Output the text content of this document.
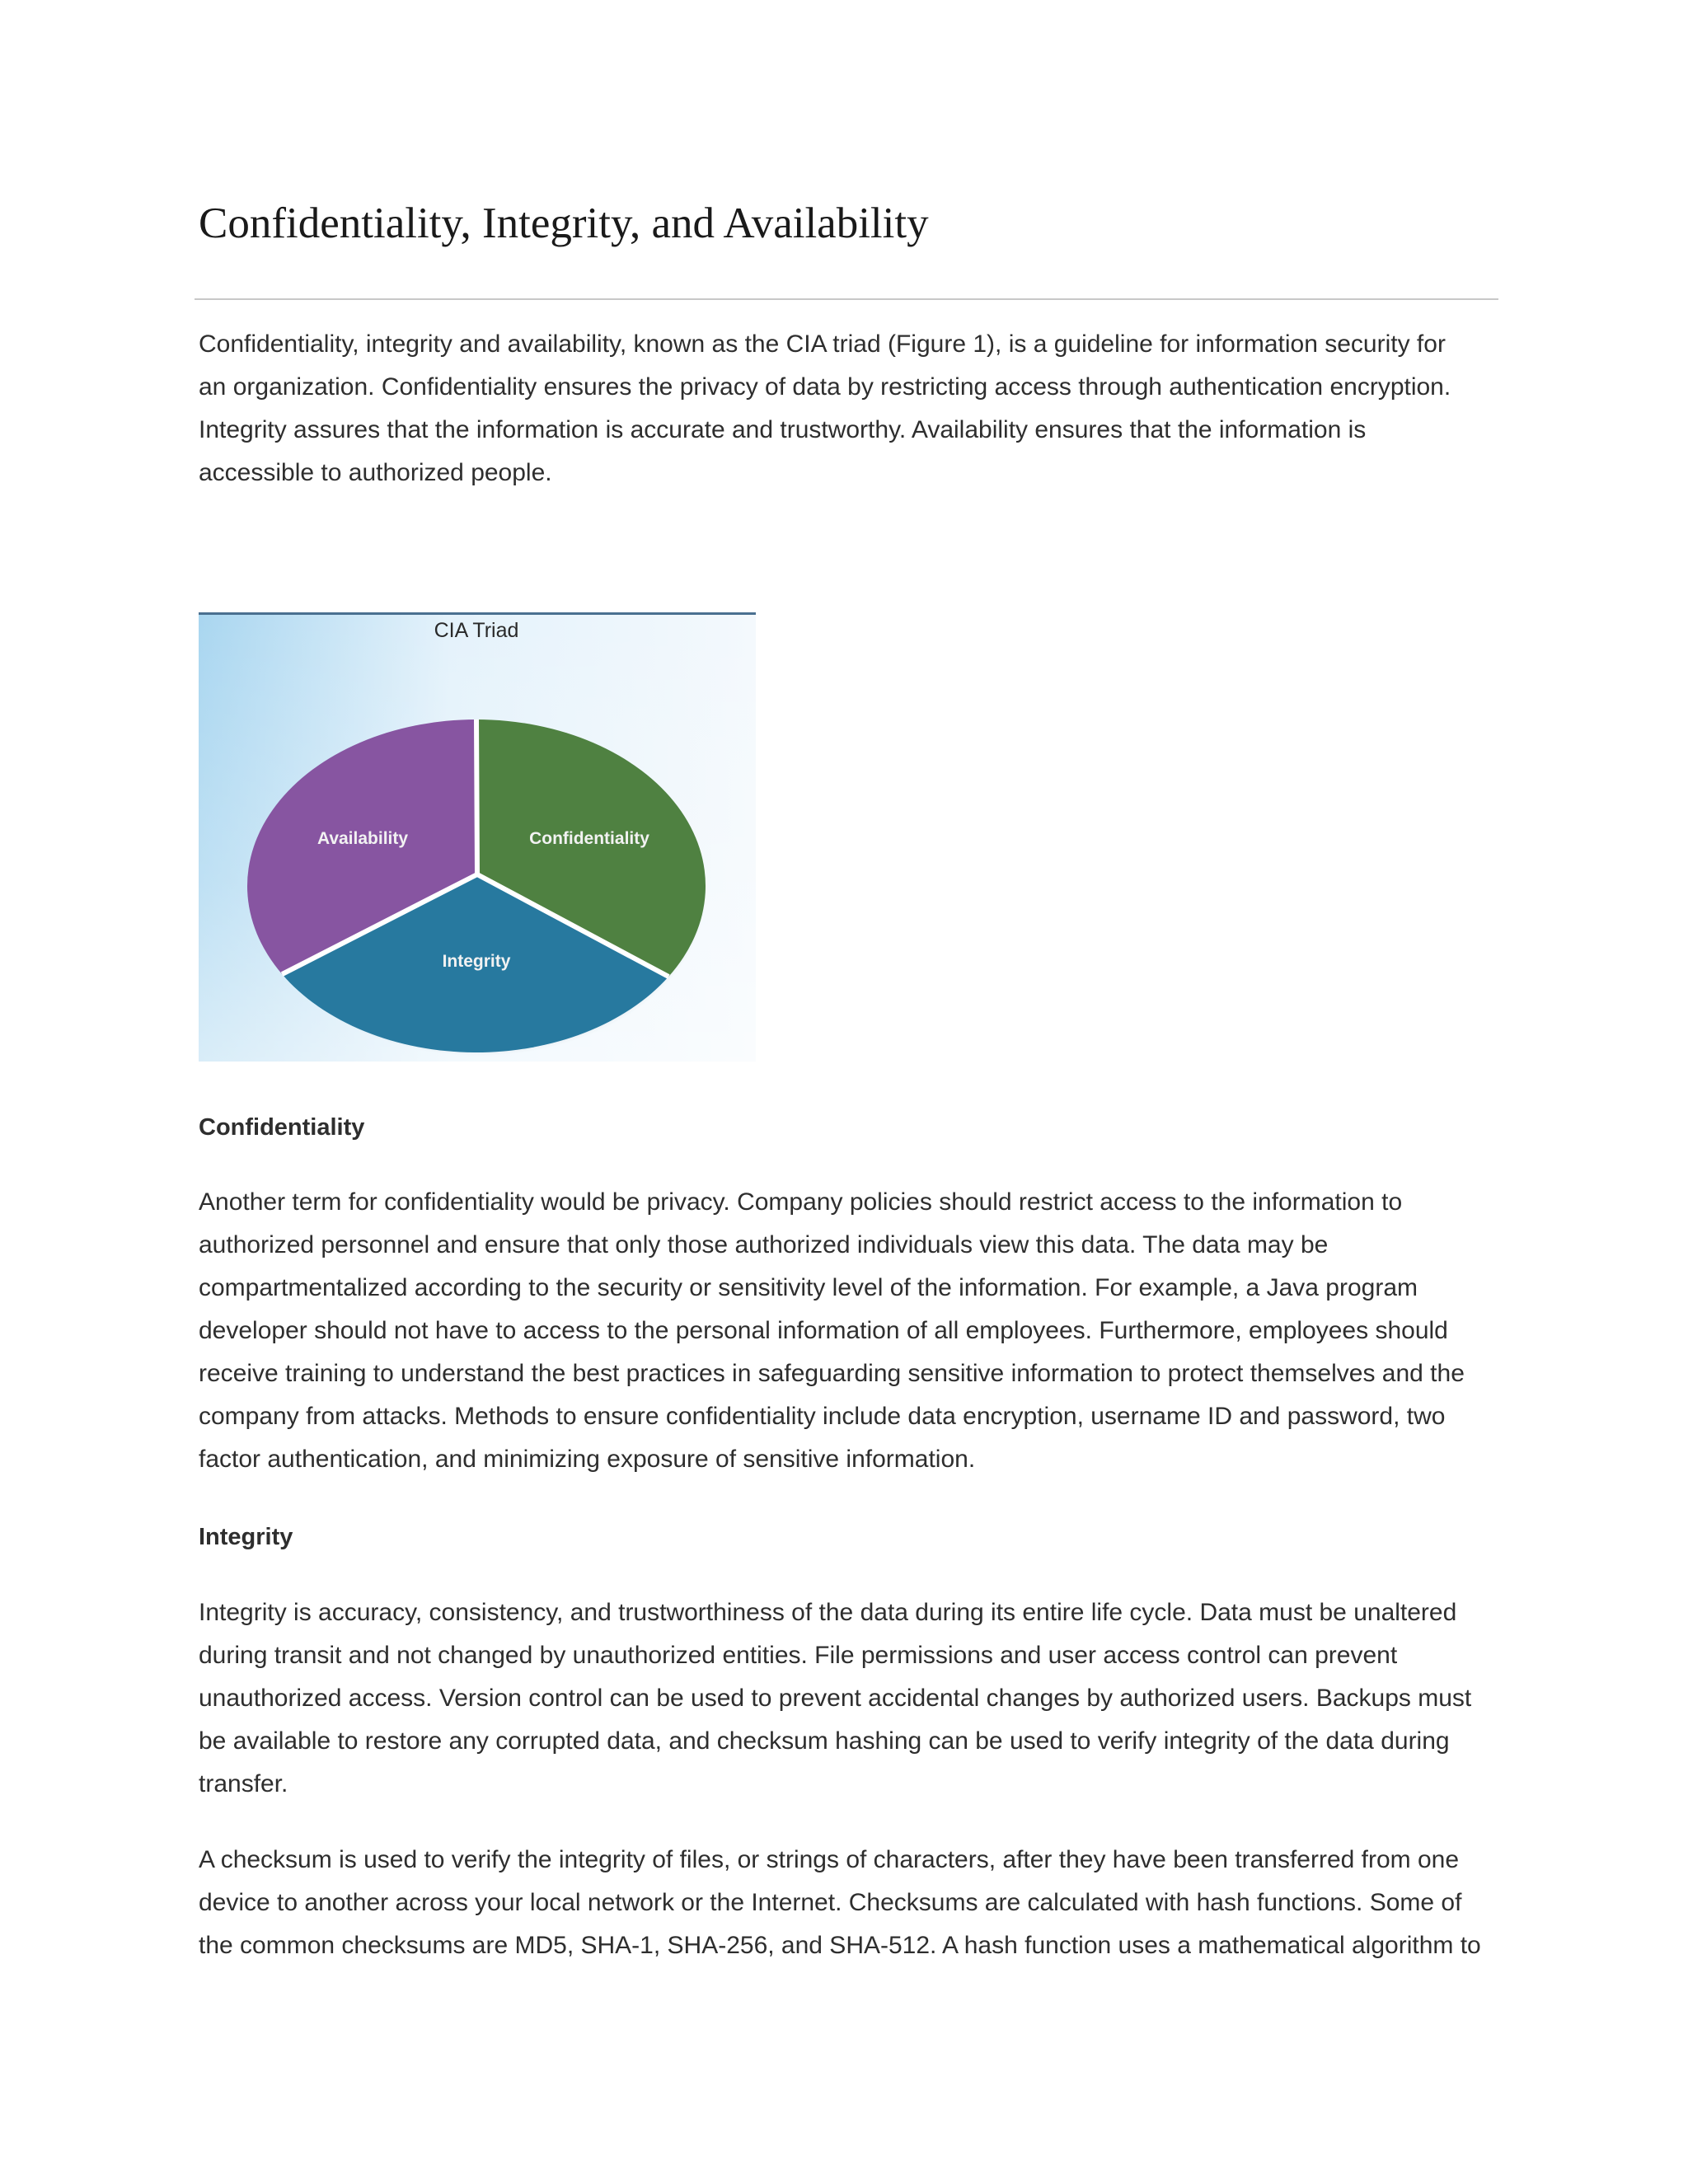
Confidentiality, Integrity, and Availability

Confidentiality, integrity and availability, known as the CIA triad (Figure 1), is a guideline for information security for
an organization. Confidentiality ensures the privacy of data by restricting access through authentication encryption.
Integrity assures that the information is accurate and trustworthy. Availability ensures that the information is
accessible to authorized people.

CIA Triad
Confidentiality
Integrity
Availability
Confidentiality

Another term for confidentiality would be privacy. Company policies should restrict access to the information to
authorized personnel and ensure that only those authorized individuals view this data. The data may be
compartmentalized according to the security or sensitivity level of the information. For example, a Java program
developer should not have to access to the personal information of all employees. Furthermore, employees should
receive training to understand the best practices in safeguarding sensitive information to protect themselves and the
company from attacks. Methods to ensure confidentiality include data encryption, username ID and password, two
factor authentication, and minimizing exposure of sensitive information.

Integrity

Integrity is accuracy, consistency, and trustworthiness of the data during its entire life cycle. Data must be unaltered
during transit and not changed by unauthorized entities. File permissions and user access control can prevent
unauthorized access. Version control can be used to prevent accidental changes by authorized users. Backups must
be available to restore any corrupted data, and checksum hashing can be used to verify integrity of the data during
transfer.

A checksum is used to verify the integrity of files, or strings of characters, after they have been transferred from one
device to another across your local network or the Internet. Checksums are calculated with hash functions. Some of
the common checksums are MD5, SHA-1, SHA-256, and SHA-512. A hash function uses a mathematical algorithm to
